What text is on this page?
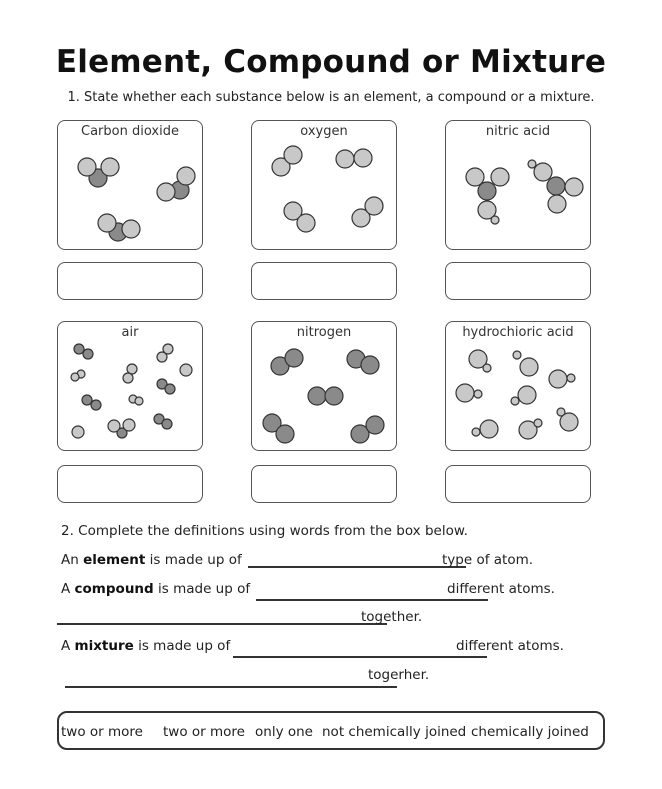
Element, Compound or Mixture
1. State whether each substance below is an element, a compound or a mixture.
Carbon dioxide	oxygen	nitric acid
air	nitrogen	hydrochioric acid
2. Complete the definitions using words from the box below.
An element is made up of	type of atom.
A compound is made up of	different atoms.
together.
A mixture is made up of	different atoms.
togerher.
two or more two or more only one not chemically joined chemically joined
